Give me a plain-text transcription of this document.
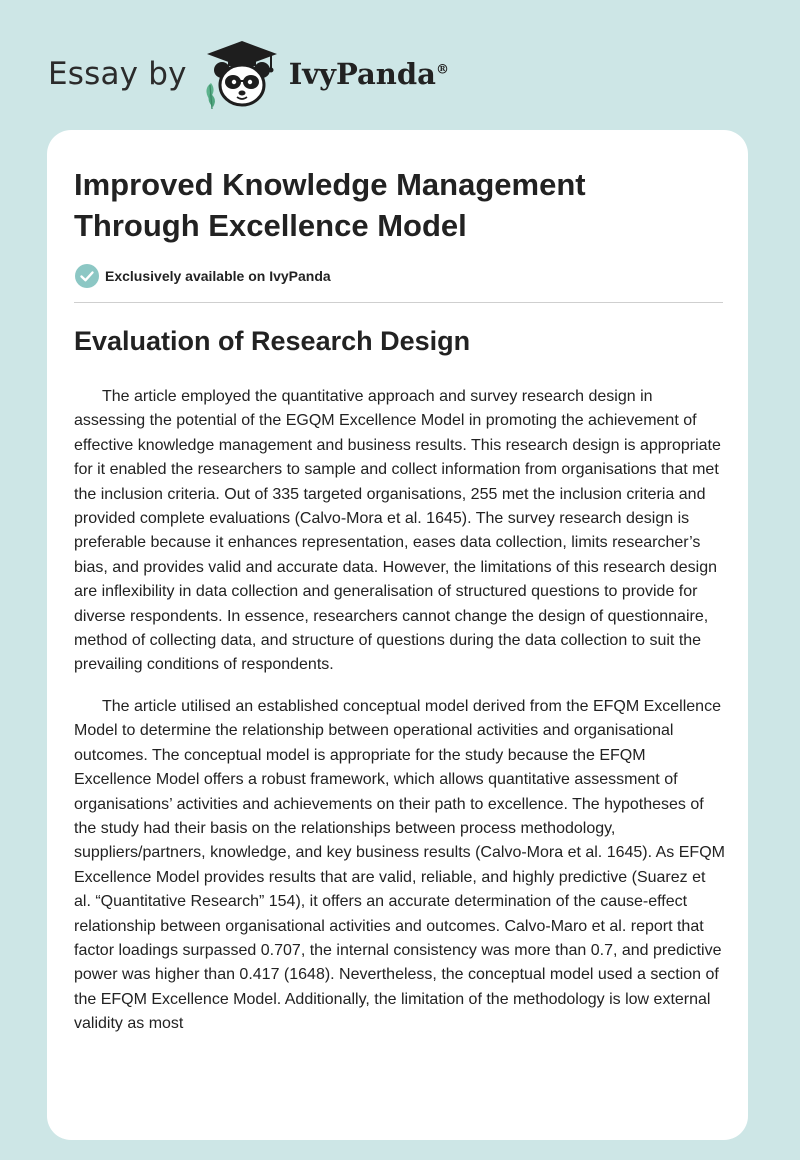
Essay by	IvyPanda®
Improved Knowledge Management Through Excellence Model
Exclusively available on IvyPanda
Evaluation of Research Design

The article employed the quantitative approach and survey research design in assessing the potential of the EGQM Excellence Model in promoting the achievement of effective knowledge management and business results. This research design is appropriate for it enabled the researchers to sample and collect information from organisations that met the inclusion criteria. Out of 335 targeted organisations, 255 met the inclusion criteria and provided complete evaluations (Calvo-Mora et al. 1645). The survey research design is preferable because it enhances representation, eases data collection, limits researcher’s bias, and provides valid and accurate data. However, the limitations of this research design are inflexibility in data collection and generalisation of structured questions to provide for diverse respondents. In essence, researchers cannot change the design of questionnaire, method of collecting data, and structure of questions during the data collection to suit the prevailing conditions of respondents.

The article utilised an established conceptual model derived from the EFQM Excellence Model to determine the relationship between operational activities and organisational outcomes. The conceptual model is appropriate for the study because the EFQM Excellence Model offers a robust framework, which allows quantitative assessment of organisations’ activities and achievements on their path to excellence. The hypotheses of the study had their basis on the relationships between process methodology, suppliers/partners, knowledge, and key business results (Calvo-Mora et al. 1645). As EFQM Excellence Model provides results that are valid, reliable, and highly predictive (Suarez et al. “Quantitative Research” 154), it offers an accurate determination of the cause-effect relationship between organisational activities and outcomes. Calvo-Maro et al. report that factor loadings surpassed 0.707, the internal consistency was more than 0.7, and predictive power was higher than 0.417 (1648). Nevertheless, the conceptual model used a section of the EFQM Excellence Model. Additionally, the limitation of the methodology is low external validity as most
